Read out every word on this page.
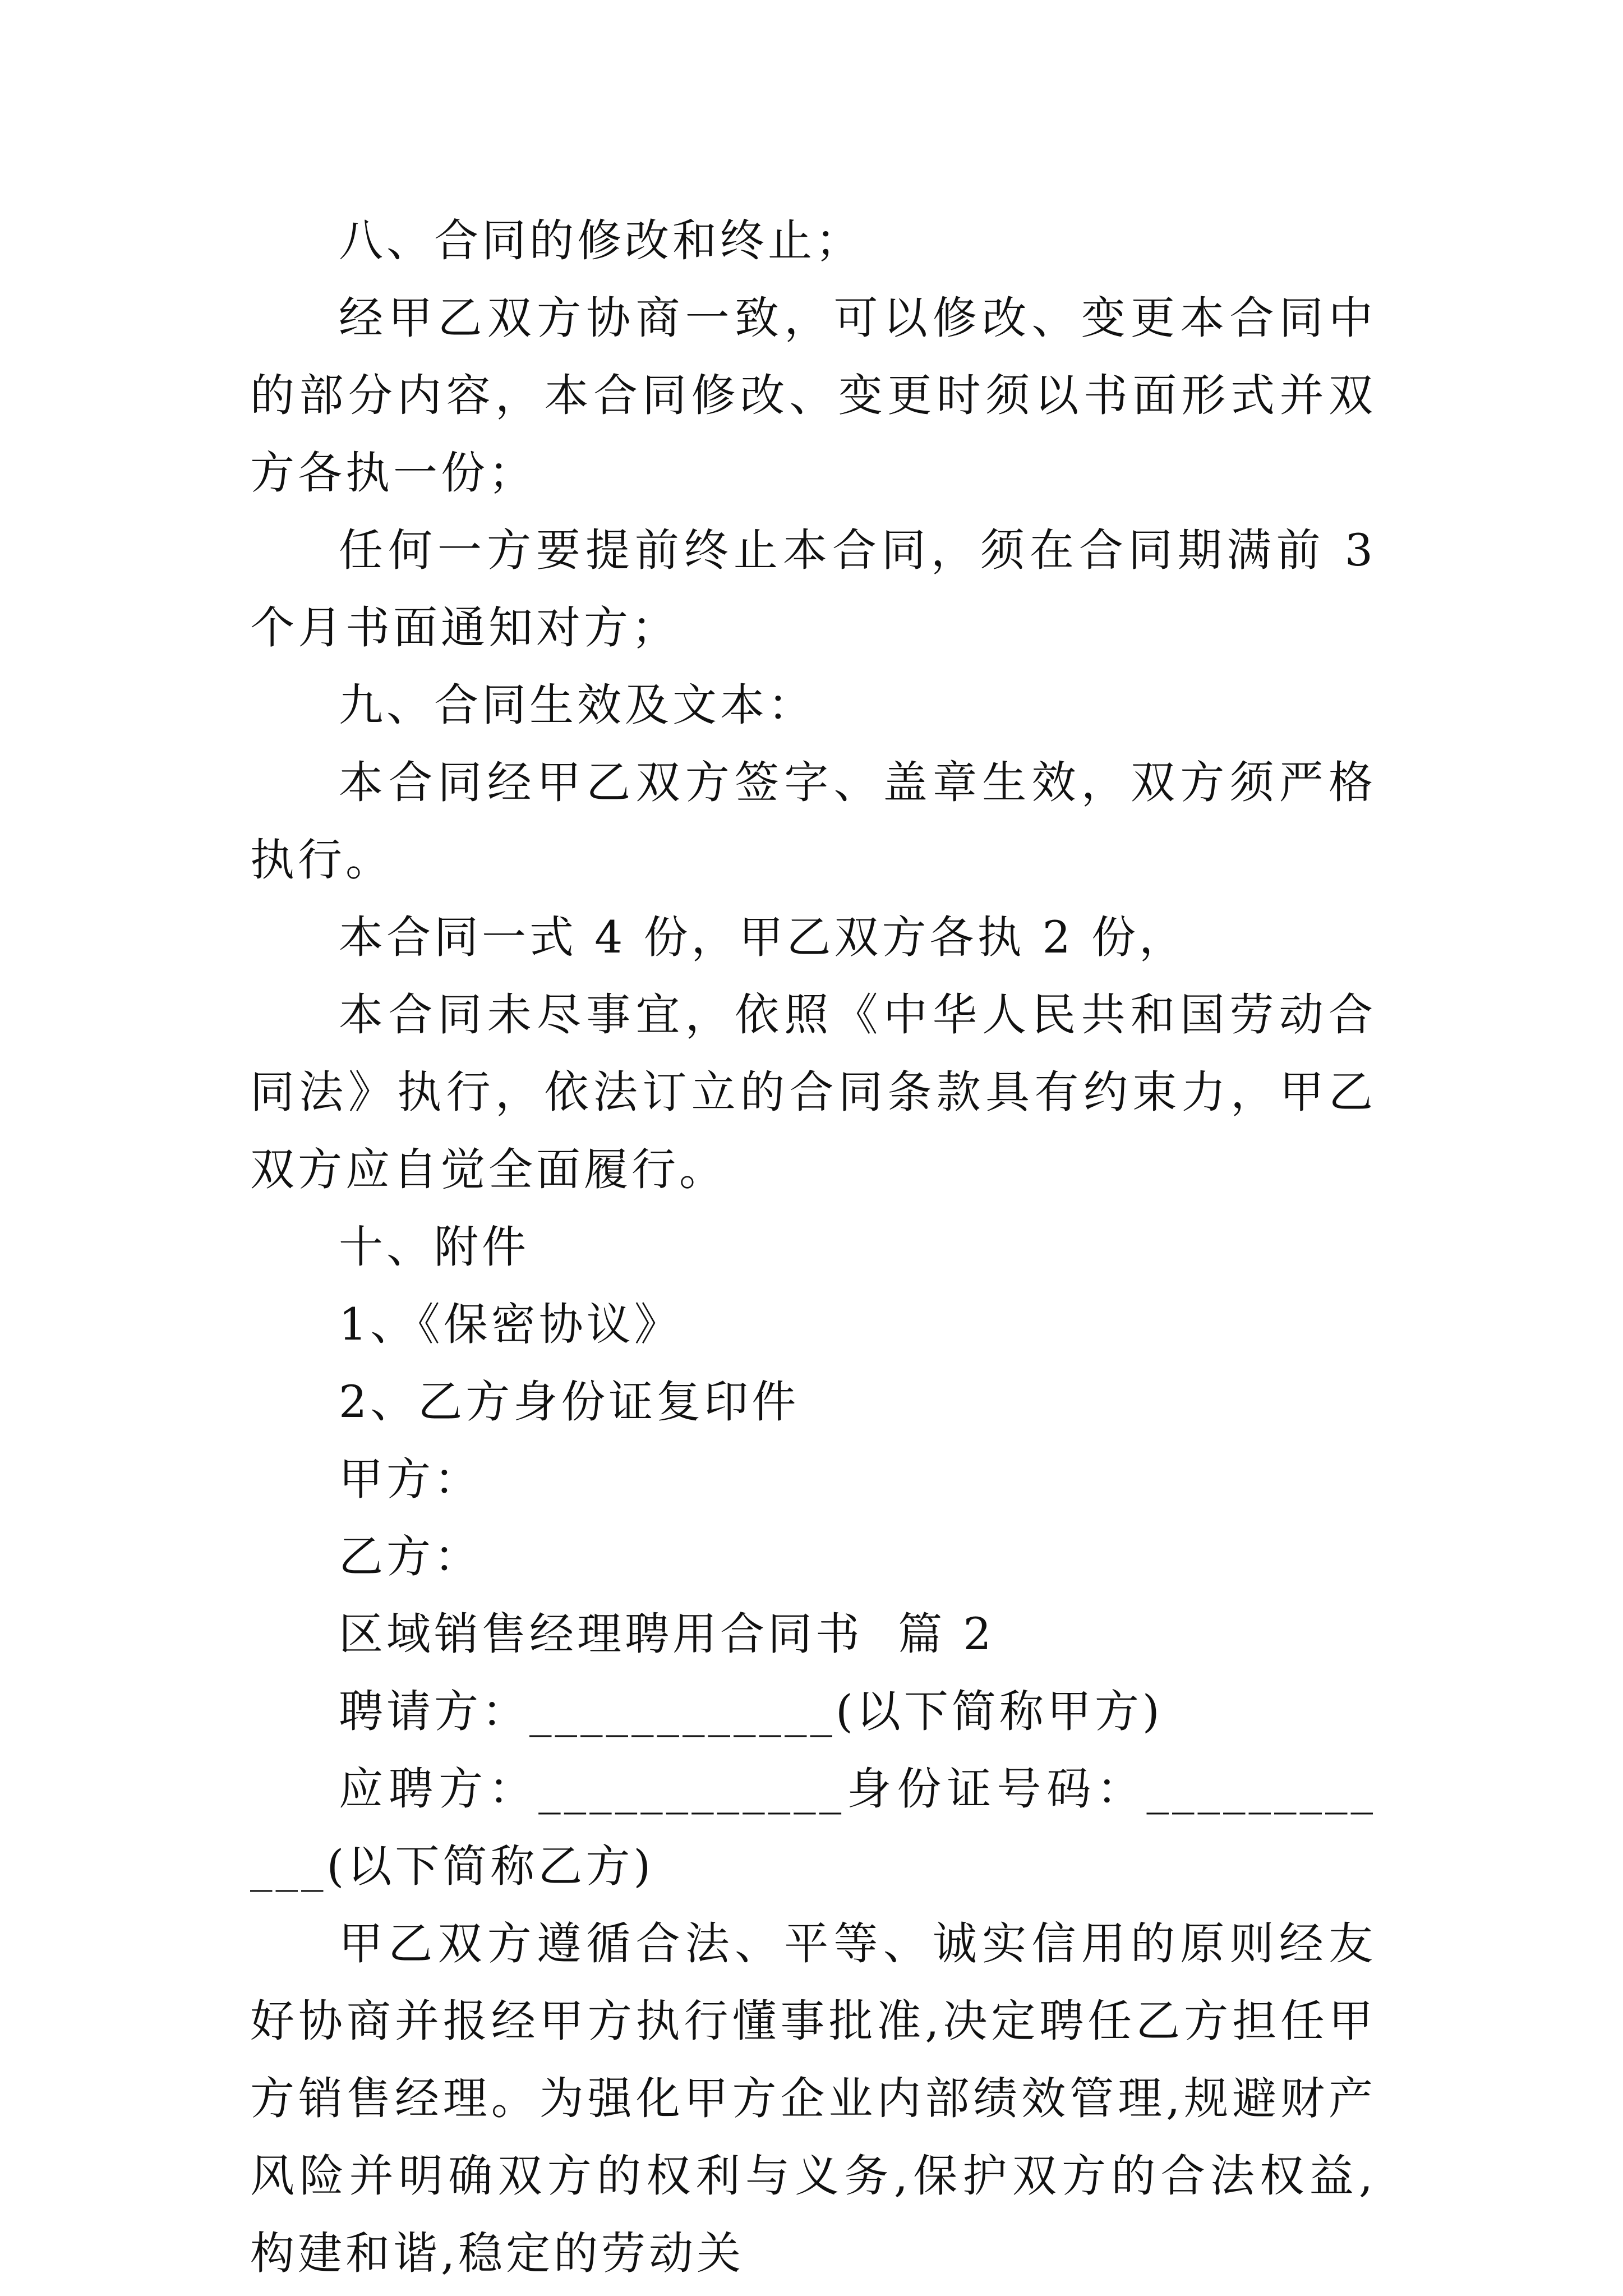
八、合同的修改和终止；

经甲乙双方协商一致，可以修改、变更本合同中的部分内容，本合同修改、变更时须以书面形式并双方各执一份；

任何一方要提前终止本合同，须在合同期满前 3 个月书面通知对方；

九、合同生效及文本：

本合同经甲乙双方签字、盖章生效，双方须严格执行。

本合同一式 4 份，甲乙双方各执 2 份，

本合同未尽事宜，依照《中华人民共和国劳动合同法》执行，依法订立的合同条款具有约束力，甲乙双方应自觉全面履行。

十、附件

1、《保密协议》

2、乙方身份证复印件

甲方：

乙方：

区域销售经理聘用合同书  篇 2

聘请方：____________(以下简称甲方)

应聘方：____________身份证号码：____________(以下简称乙方)

甲乙双方遵循合法、平等、诚实信用的原则经友好协商并报经甲方执行懂事批准,决定聘任乙方担任甲方销售经理。为强化甲方企业内部绩效管理,规避财产风险并明确双方的权利与义务,保护双方的合法权益,构建和谐,稳定的劳动关
